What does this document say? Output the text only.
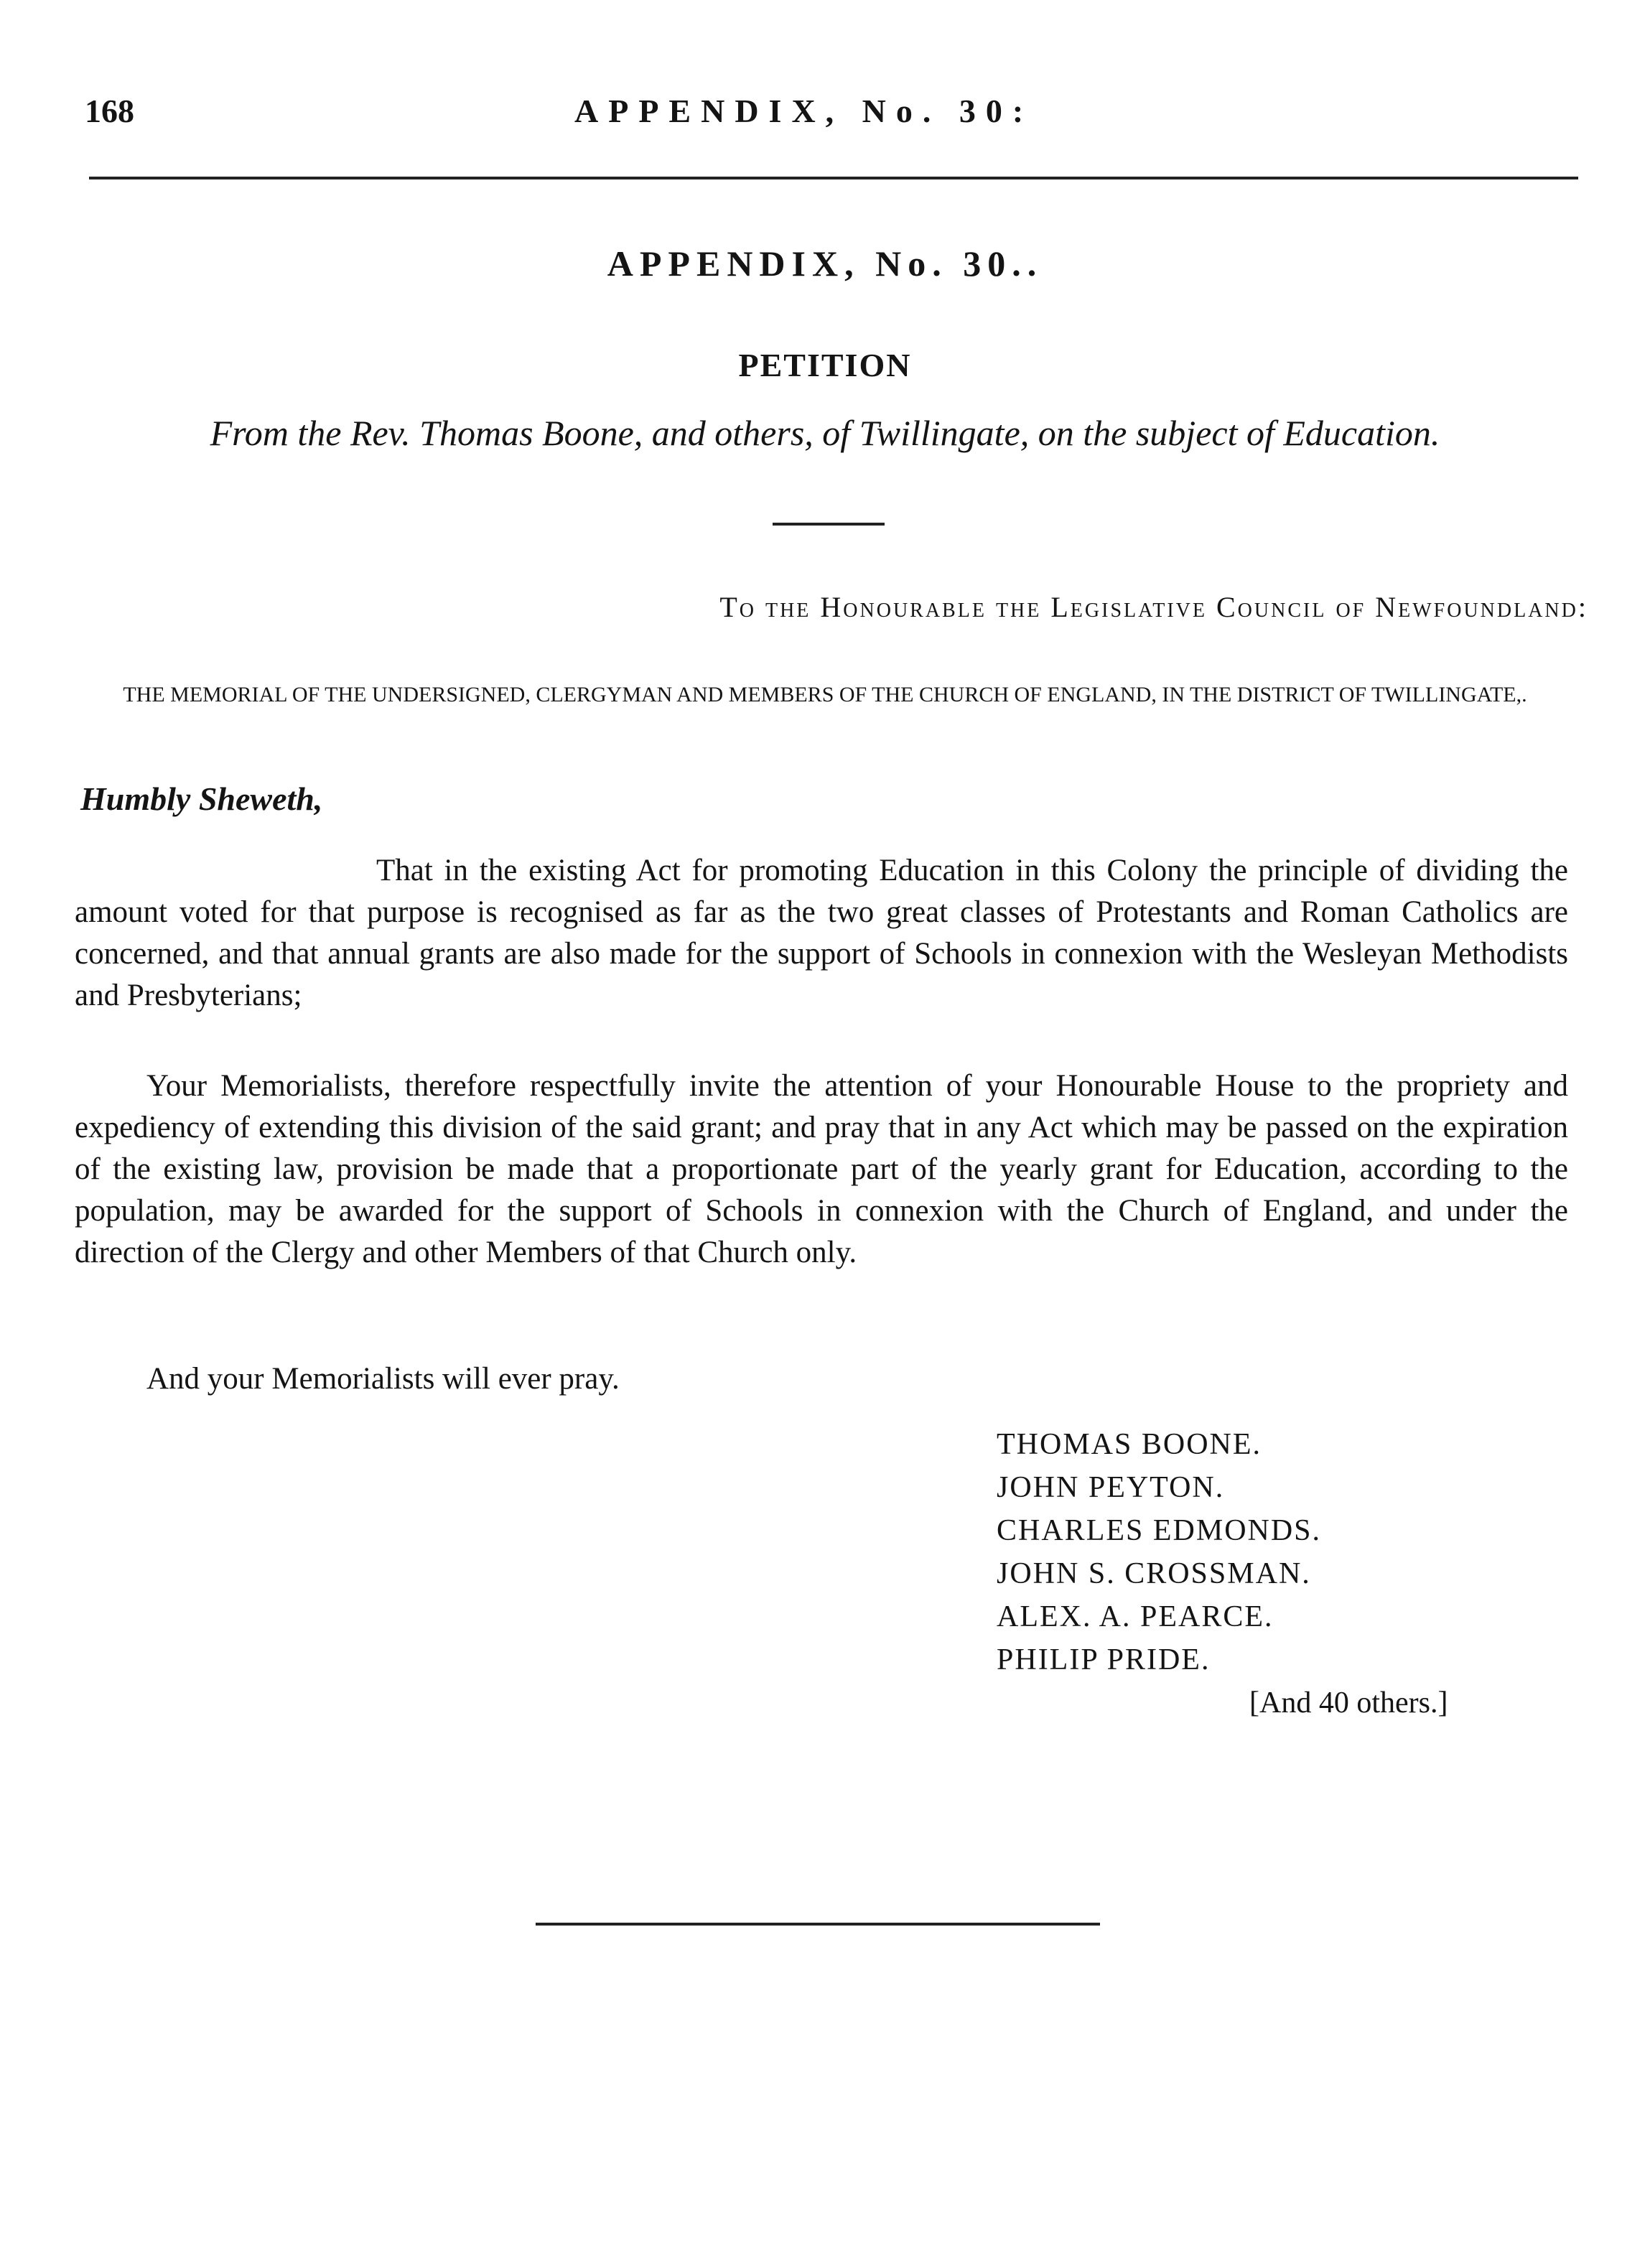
168	APPENDIX, No. 30:

APPENDIX, No. 30..
PETITION

From the Rev. Thomas Boone, and others, of Twillingate, on the subject of Education.

To the Honourable the Legislative Council of Newfoundland:

THE MEMORIAL OF THE UNDERSIGNED, CLERGYMAN AND MEMBERS OF THE CHURCH OF ENGLAND, IN THE DISTRICT OF TWILLINGATE,.

Humbly Sheweth,

That in the existing Act for promoting Education in this Colony the principle of dividing the amount voted for that purpose is recognised as far as the two great classes of Protestants and Roman Catholics are concerned, and that annual grants are also made for the support of Schools in connexion with the Wesleyan Methodists and Presbyterians;

Your Memorialists, therefore respectfully invite the attention of your Honourable House to the propriety and expediency of extending this division of the said grant; and pray that in any Act which may be passed on the expiration of the existing law, provision be made that a proportionate part of the yearly grant for Education, according to the population, may be awarded for the support of Schools in connexion with the Church of England, and under the direction of the Clergy and other Members of that Church only.

And your Memorialists will ever pray.

THOMAS BOONE.
JOHN PEYTON.
CHARLES EDMONDS.
JOHN S. CROSSMAN.
ALEX. A. PEARCE.
PHILIP PRIDE.

[And 40 others.]
